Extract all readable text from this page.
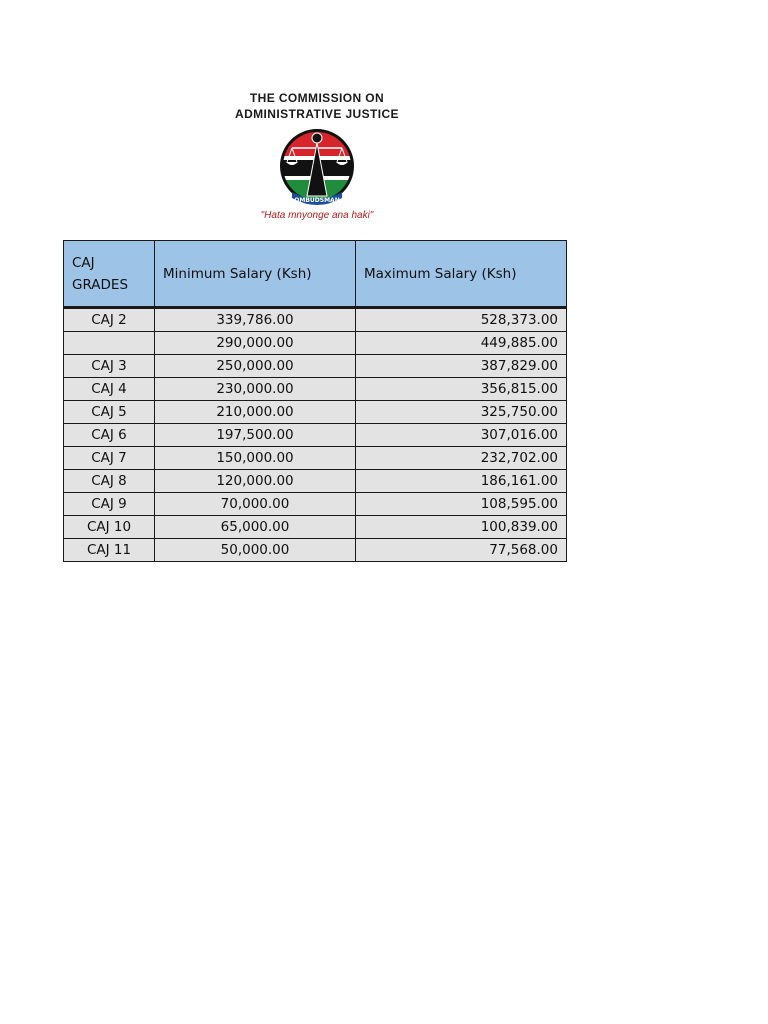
THE COMMISSION ON
ADMINISTRATIVE JUSTICE
OMBUDSMAN
"Hata mnyonge ana haki"
CAJ GRADES	Minimum Salary (Ksh)	Maximum Salary (Ksh)
CAJ 2	339,786.00	528,373.00
	290,000.00	449,885.00
CAJ 3	250,000.00	387,829.00
CAJ 4	230,000.00	356,815.00
CAJ 5	210,000.00	325,750.00
CAJ 6	197,500.00	307,016.00
CAJ 7	150,000.00	232,702.00
CAJ 8	120,000.00	186,161.00
CAJ 9	70,000.00	108,595.00
CAJ 10	65,000.00	100,839.00
CAJ 11	50,000.00	77,568.00
